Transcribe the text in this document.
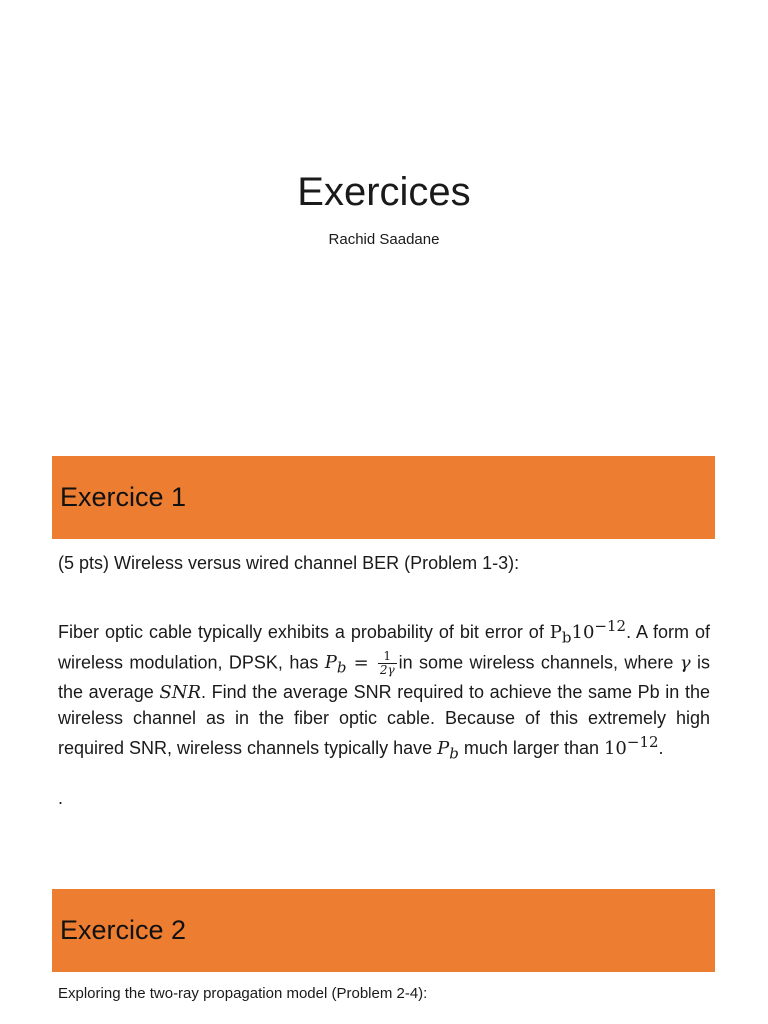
Exercices

Rachid Saadane

Exercice 1

(5 pts) Wireless versus wired channel BER (Problem 1-3):

Fiber optic cable typically exhibits a probability of bit error of $P_b10^{-12}$. A form of wireless modulation, DPSK, has $P_b = \frac{1}{2\gamma}$ in some wireless channels, where γ is the average SNR. Find the average SNR required to achieve the same Pb in the wireless channel as in the fiber optic cable. Because of this extremely high required SNR, wireless channels typically have $P_b$ much larger than $10^{-12}$.

.

Exercice 2

Exploring the two-ray propagation model (Problem 2-4):
